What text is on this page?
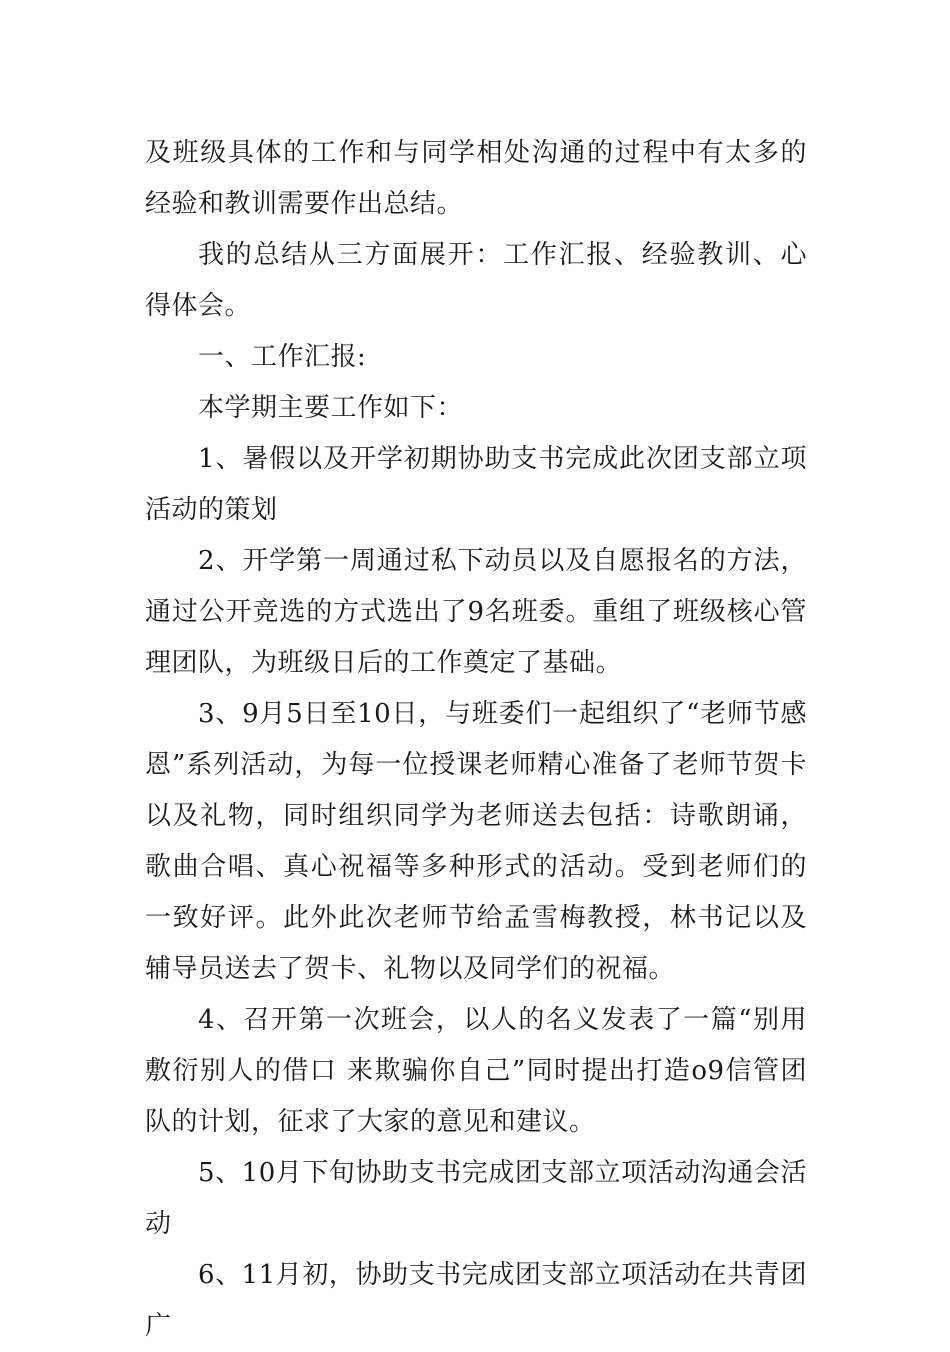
及班级具体的工作和与同学相处沟通的过程中有太多的经验和教训需要作出总结。

我的总结从三方面展开：工作汇报、经验教训、心得体会。

一、工作汇报:

本学期主要工作如下：

1、暑假以及开学初期协助支书完成此次团支部立项活动的策划

2、开学第一周通过私下动员以及自愿报名的方法，通过公开竞选的方式选出了9名班委。重组了班级核心管理团队，为班级日后的工作奠定了基础。

3、9月5日至10日，与班委们一起组织了“老师节感恩”系列活动，为每一位授课老师精心准备了老师节贺卡以及礼物，同时组织同学为老师送去包括：诗歌朗诵，歌曲合唱、真心祝福等多种形式的活动。受到老师们的一致好评。此外此次老师节给孟雪梅教授，林书记以及辅导员送去了贺卡、礼物以及同学们的祝福。

4、召开第一次班会，以人的名义发表了一篇“别用敷衍别人的借口 来欺骗你自己”同时提出打造o9信管团队的计划，征求了大家的意见和建议。

5、10月下旬协助支书完成团支部立项活动沟通会活动

6、11月初，协助支书完成团支部立项活动在共青团广
